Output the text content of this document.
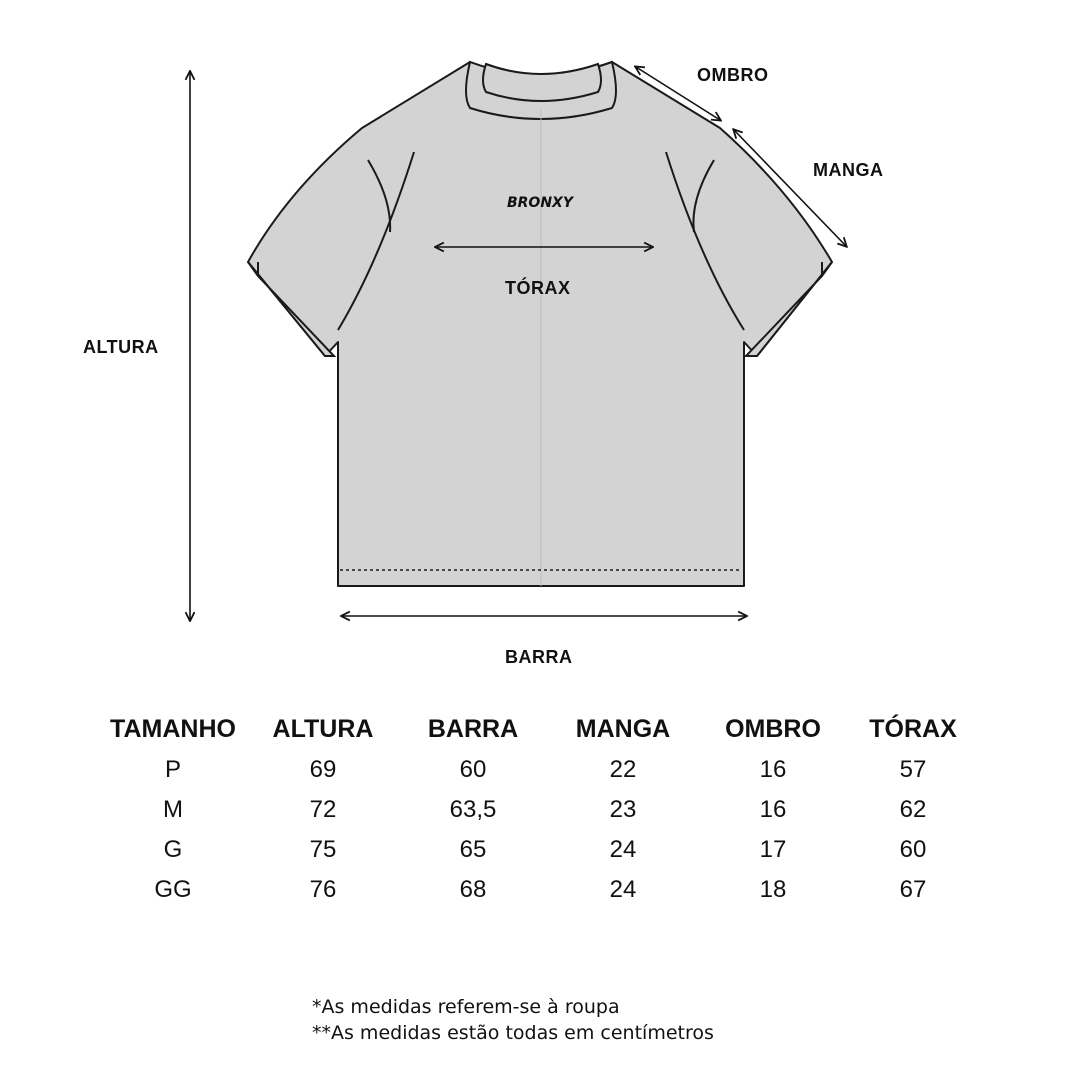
BRONXY
OMBRO
MANGA
ALTURA
TÓRAX
BARRA
TAMANHO	ALTURA	BARRA	MANGA	OMBRO	TÓRAX
P	69	60	22	16	57
M	72	63,5	23	16	62
G	75	65	24	17	60
GG	76	68	24	18	67
*As medidas referem-se à roupa
**As medidas estão todas em centímetros
